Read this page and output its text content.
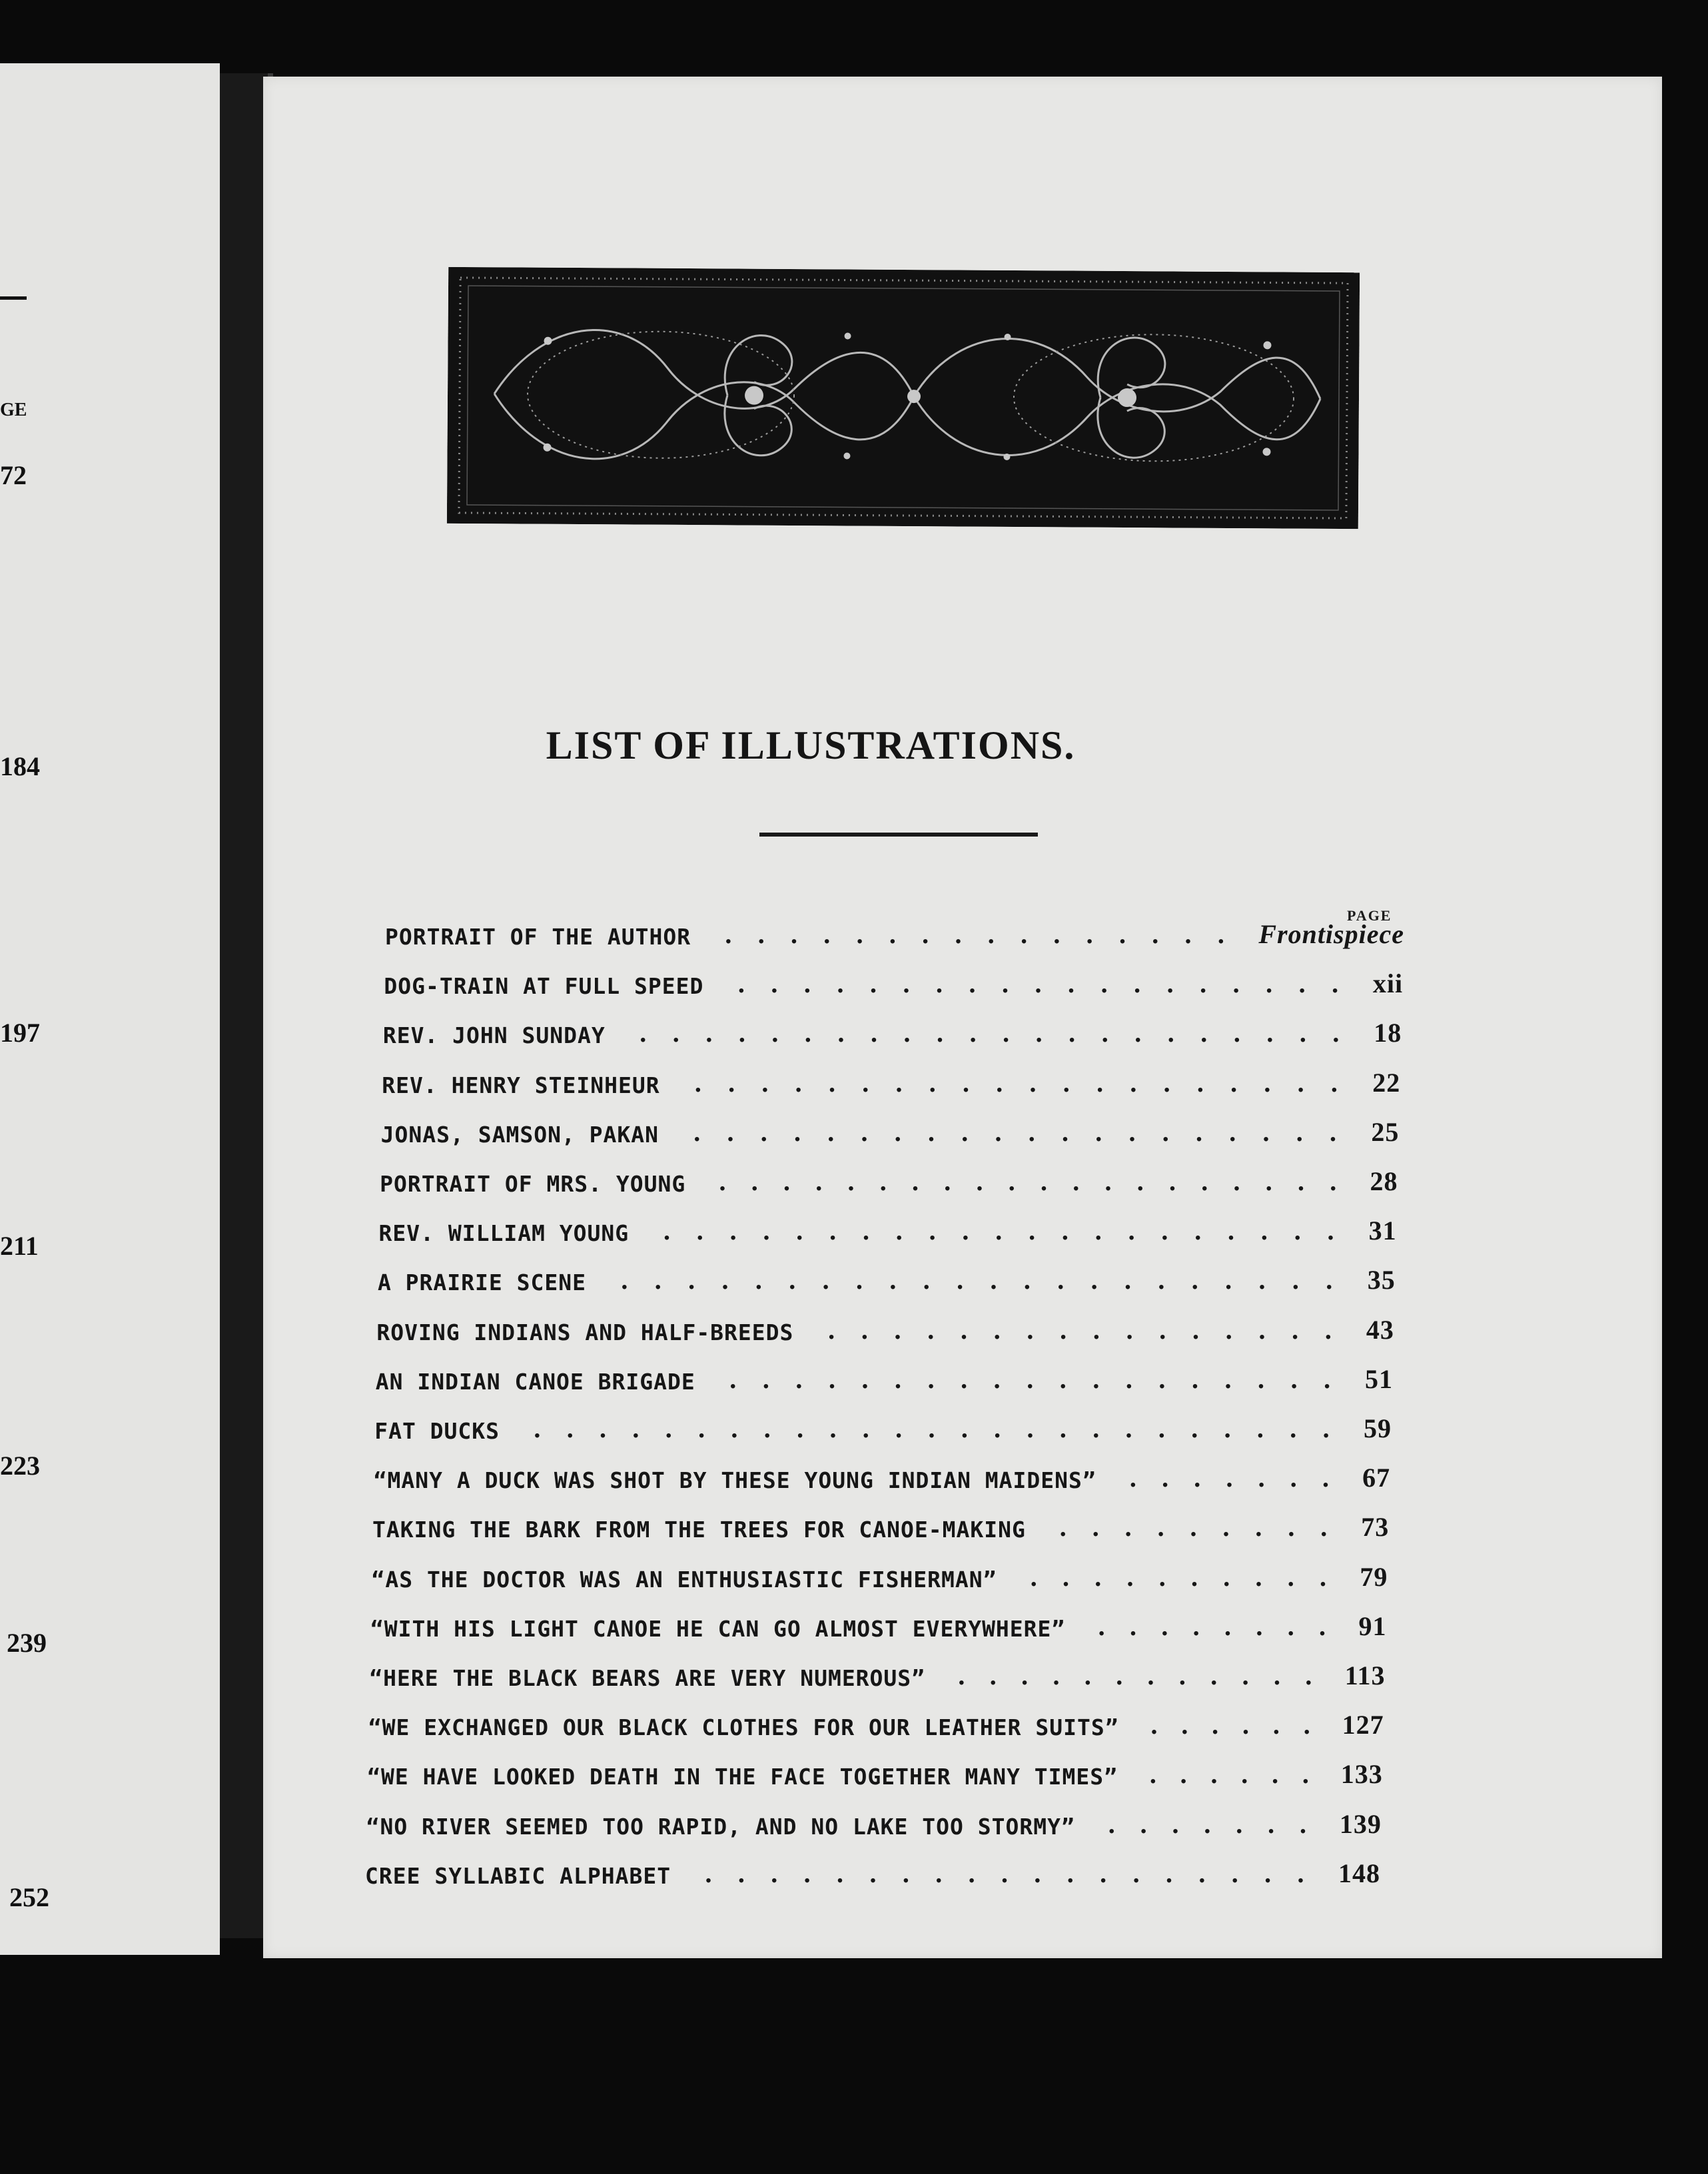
GE
72
184
197
211
223
239
252
LIST OF ILLUSTRATIONS.
PAGE
PORTRAIT OF THE AUTHOR . . . . . . . . . . . . . . . . Frontispiece
DOG-TRAIN AT FULL SPEED . . . . . . . . . . . . . . . . . . . xii
REV. JOHN SUNDAY . . . . . . . . . . . . . . . . . . . . . . 18
REV. HENRY STEINHEUR . . . . . . . . . . . . . . . . . . . . 22
JONAS, SAMSON, PAKAN . . . . . . . . . . . . . . . . . . . . 25
PORTRAIT OF MRS. YOUNG . . . . . . . . . . . . . . . . . . . . 28
REV. WILLIAM YOUNG . . . . . . . . . . . . . . . . . . . . . 31
A PRAIRIE SCENE . . . . . . . . . . . . . . . . . . . . . . 35
ROVING INDIANS AND HALF-BREEDS . . . . . . . . . . . . . . . . 43
AN INDIAN CANOE BRIGADE . . . . . . . . . . . . . . . . . . . 51
FAT DUCKS . . . . . . . . . . . . . . . . . . . . . . . . . 59
“MANY A DUCK WAS SHOT BY THESE YOUNG INDIAN MAIDENS” . . . . . . . 67
TAKING THE BARK FROM THE TREES FOR CANOE-MAKING . . . . . . . . . 73
“AS THE DOCTOR WAS AN ENTHUSIASTIC FISHERMAN” . . . . . . . . . . 79
“WITH HIS LIGHT CANOE HE CAN GO ALMOST EVERYWHERE” . . . . . . . . 91
“HERE THE BLACK BEARS ARE VERY NUMEROUS” . . . . . . . . . . . . 113
“WE EXCHANGED OUR BLACK CLOTHES FOR OUR LEATHER SUITS” . . . . . . 127
“WE HAVE LOOKED DEATH IN THE FACE TOGETHER MANY TIMES” . . . . . . 133
“NO RIVER SEEMED TOO RAPID, AND NO LAKE TOO STORMY” . . . . . . . 139
CREE SYLLABIC ALPHABET . . . . . . . . . . . . . . . . . . . 148
